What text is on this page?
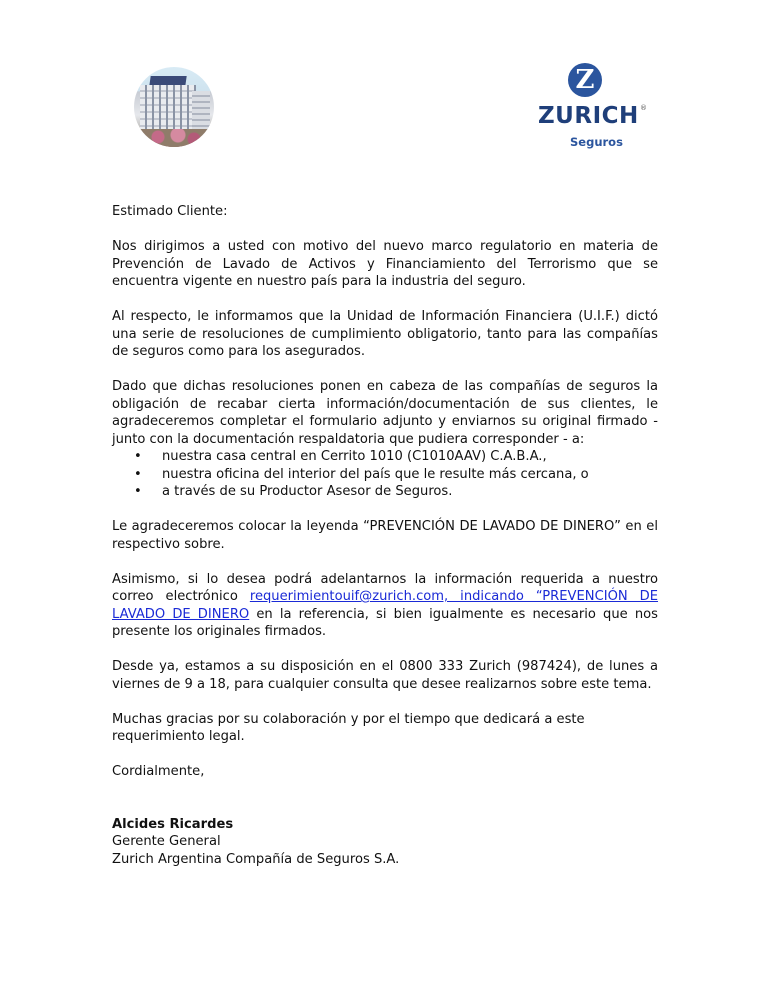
Z
ZURICH ®
Seguros

Estimado Cliente:

Nos dirigimos a usted con motivo del nuevo marco regulatorio en materia de Prevención de Lavado de Activos y Financiamiento del Terrorismo que se encuentra vigente en nuestro país para la industria del seguro.

Al respecto, le informamos que la Unidad de Información Financiera (U.I.F.) dictó una serie de resoluciones de cumplimiento obligatorio, tanto para las compañías de seguros como para los asegurados.

Dado que dichas resoluciones ponen en cabeza de las compañías de seguros la obligación de recabar cierta información/documentación de sus clientes, le agradeceremos completar el formulario adjunto y enviarnos su original firmado - junto con la documentación respaldatoria que pudiera corresponder - a:

• nuestra casa central en Cerrito 1010 (C1010AAV) C.A.B.A.,
• nuestra oficina del interior del país que le resulte más cercana, o
• a través de su Productor Asesor de Seguros.

Le agradeceremos colocar la leyenda “PREVENCIÓN DE LAVADO DE DINERO” en el respectivo sobre.

Asimismo, si lo desea podrá adelantarnos la información requerida a nuestro correo electrónico requerimientouif@zurich.com, indicando “PREVENCIÓN DE LAVADO DE DINERO en la referencia, si bien igualmente es necesario que nos presente los originales firmados.

Desde ya, estamos a su disposición en el 0800 333 Zurich (987424), de lunes a viernes de 9 a 18, para cualquier consulta que desee realizarnos sobre este tema.

Muchas gracias por su colaboración y por el tiempo que dedicará a este
requerimiento legal.

Cordialmente,

Alcides Ricardes
Gerente General
Zurich Argentina Compañía de Seguros S.A.
